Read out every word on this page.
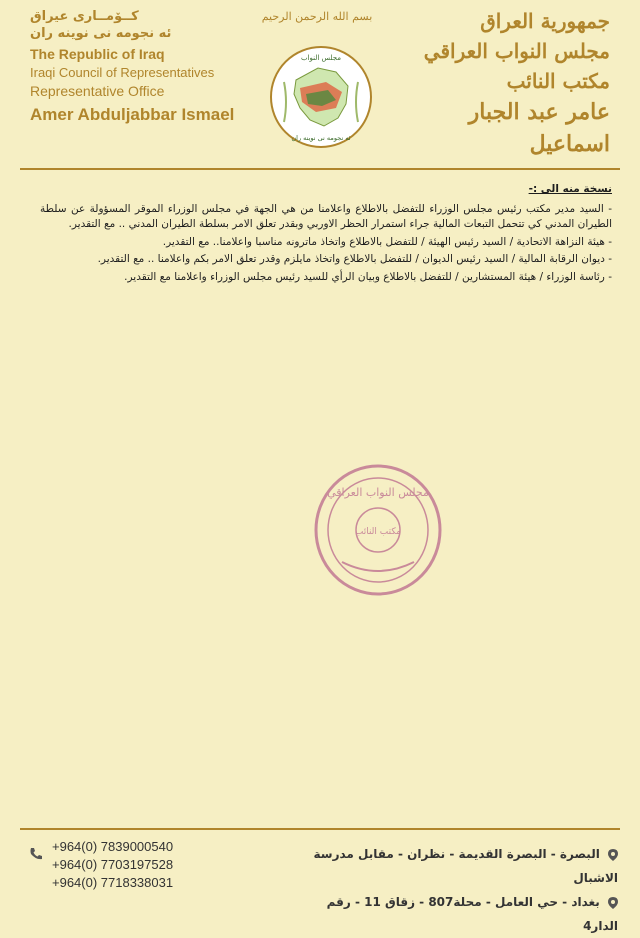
كــۆمــارى عيراق
ئه نجومه نى نوينه ران
The Republic of Iraq
Iraqi Council of Representatives
Representative Office
Amer Abduljabbar Ismael
بسم الله الرحمن الرحيم
مجلس النواب
ئه نجومه نى نوينه ران
جمهورية العراق
مجلس النواب العراقي
مكتب النائب
عامر عبد الجبار اسماعيل
نسخة منه الى :-
- السيد مدير مكتب رئيس مجلس الوزراء للتفضل بالاطلاع واعلامنا من هي الجهة في مجلس الوزراء الموقر المسؤولة عن سلطة الطيران المدني كي تتحمل التبعات المالية جراء استمرار الحظر الاوربي وبقدر تعلق الامر بسلطة الطيران المدني .. مع التقدير.
- هيئة النزاهة الاتحادية / السيد رئيس الهيئة / للتفضل بالاطلاع واتخاذ ماترونه مناسبا واعلامنا.. مع التقدير.
- ديوان الرقابة المالية / السيد رئيس الديوان / للتفضل بالاطلاع واتخاذ مايلزم وقدر تعلق الامر بكم واعلامنا .. مع التقدير.
- رئاسة الوزراء / هيئة المستشارين / للتفضل بالاطلاع وبيان الرأي للسيد رئيس مجلس الوزراء واعلامنا مع التقدير.
مجلس النواب العراقي
مكتب النائب
+964(0) 7839000540
+964(0) 7703197528
+964(0) 7718338031
البصرة - البصرة القديمة - نظران - مقابل مدرسة الاشبال
بغداد - حي العامل - محلة807 - زقاق 11 - رقم الدار4
